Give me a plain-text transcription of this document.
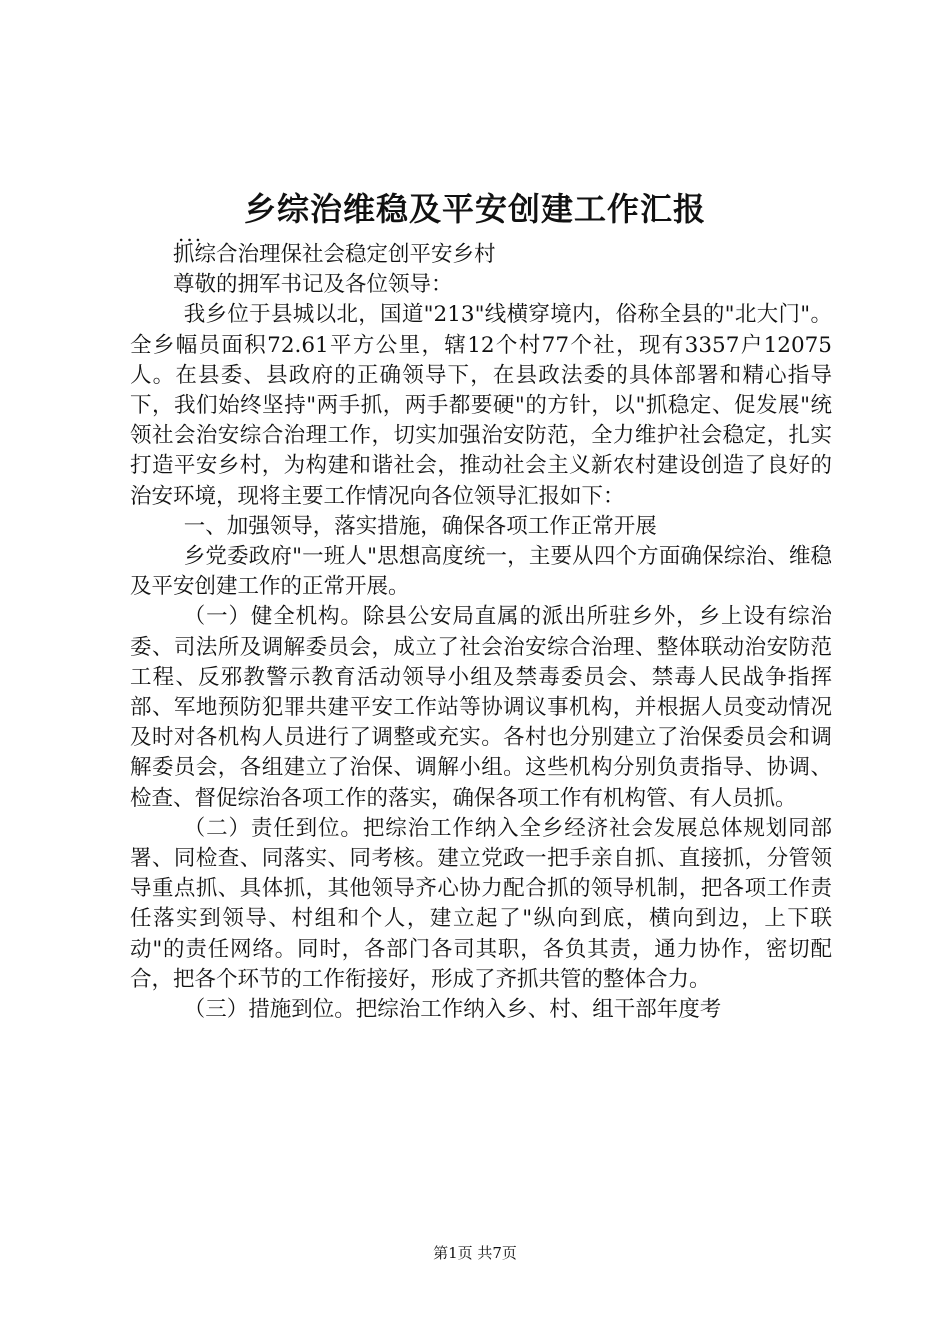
乡综治维稳及平安创建工作汇报

...

抓综合治理保社会稳定创平安乡村

尊敬的拥军书记及各位领导：

我乡位于县城以北，国道"213"线横穿境内，俗称全县的"北大门"。全乡幅员面积72.61平方公里，辖12个村77个社，现有3357户12075人。在县委、县政府的正确领导下，在县政法委的具体部署和精心指导下，我们始终坚持"两手抓，两手都要硬"的方针，以"抓稳定、促发展"统领社会治安综合治理工作，切实加强治安防范，全力维护社会稳定，扎实打造平安乡村，为构建和谐社会，推动社会主义新农村建设创造了良好的治安环境，现将主要工作情况向各位领导汇报如下：

一、加强领导，落实措施，确保各项工作正常开展

乡党委政府"一班人"思想高度统一，主要从四个方面确保综治、维稳及平安创建工作的正常开展。

（一）健全机构。除县公安局直属的派出所驻乡外，乡上设有综治委、司法所及调解委员会，成立了社会治安综合治理、整体联动治安防范工程、反邪教警示教育活动领导小组及禁毒委员会、禁毒人民战争指挥部、军地预防犯罪共建平安工作站等协调议事机构，并根据人员变动情况及时对各机构人员进行了调整或充实。各村也分别建立了治保委员会和调解委员会，各组建立了治保、调解小组。这些机构分别负责指导、协调、检查、督促综治各项工作的落实，确保各项工作有机构管、有人员抓。

（二）责任到位。把综治工作纳入全乡经济社会发展总体规划同部署、同检查、同落实、同考核。建立党政一把手亲自抓、直接抓，分管领导重点抓、具体抓，其他领导齐心协力配合抓的领导机制，把各项工作责任落实到领导、村组和个人，建立起了"纵向到底，横向到边，上下联动"的责任网络。同时，各部门各司其职，各负其责，通力协作，密切配合，把各个环节的工作衔接好，形成了齐抓共管的整体合力。

（三）措施到位。把综治工作纳入乡、村、组干部年度考

第1页 共7页
